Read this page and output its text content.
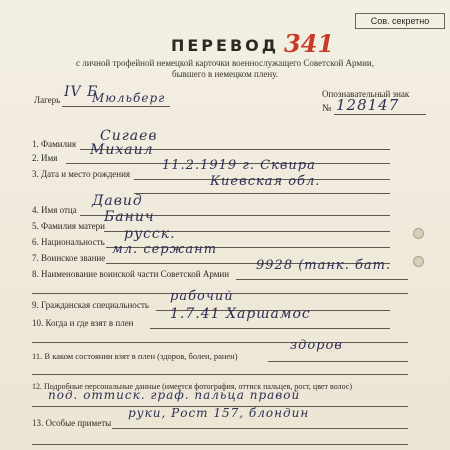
Сов. секретно
341
ПЕРЕВОД
с личной трофейной немецкой карточки военнослужащего Советской Армии,
бывшего в немецком плену.
Лагерь IV Б
Мюльберг	Опознавательный знак
№ 128147
1. Фамилия Сигаев
2. Имя Михаил
3. Дата и место рождения
11.2.1919 г. Сквира
Киевская обл.
4. Имя отца
Давид
5. Фамилия матери
Банич
6. Национальность русск.
7. Воинское звание
мл. сержант
8. Наименование воинской части Советской Армии
9928 (танк. бат.
9. Гражданская специальность
рабочий
10. Когда и где взят в плен
1.7.41 Харшамос
11. В каком состоянии взят в плен (здоров, болен, ранен)
здоров
12. Подробные персональные данные (имеется фотография, оттиск пальцев, рост, цвет волос)
под. оттиск. граф. пальца правой
13. Особые приметы
руки, Рост 157, блондин
